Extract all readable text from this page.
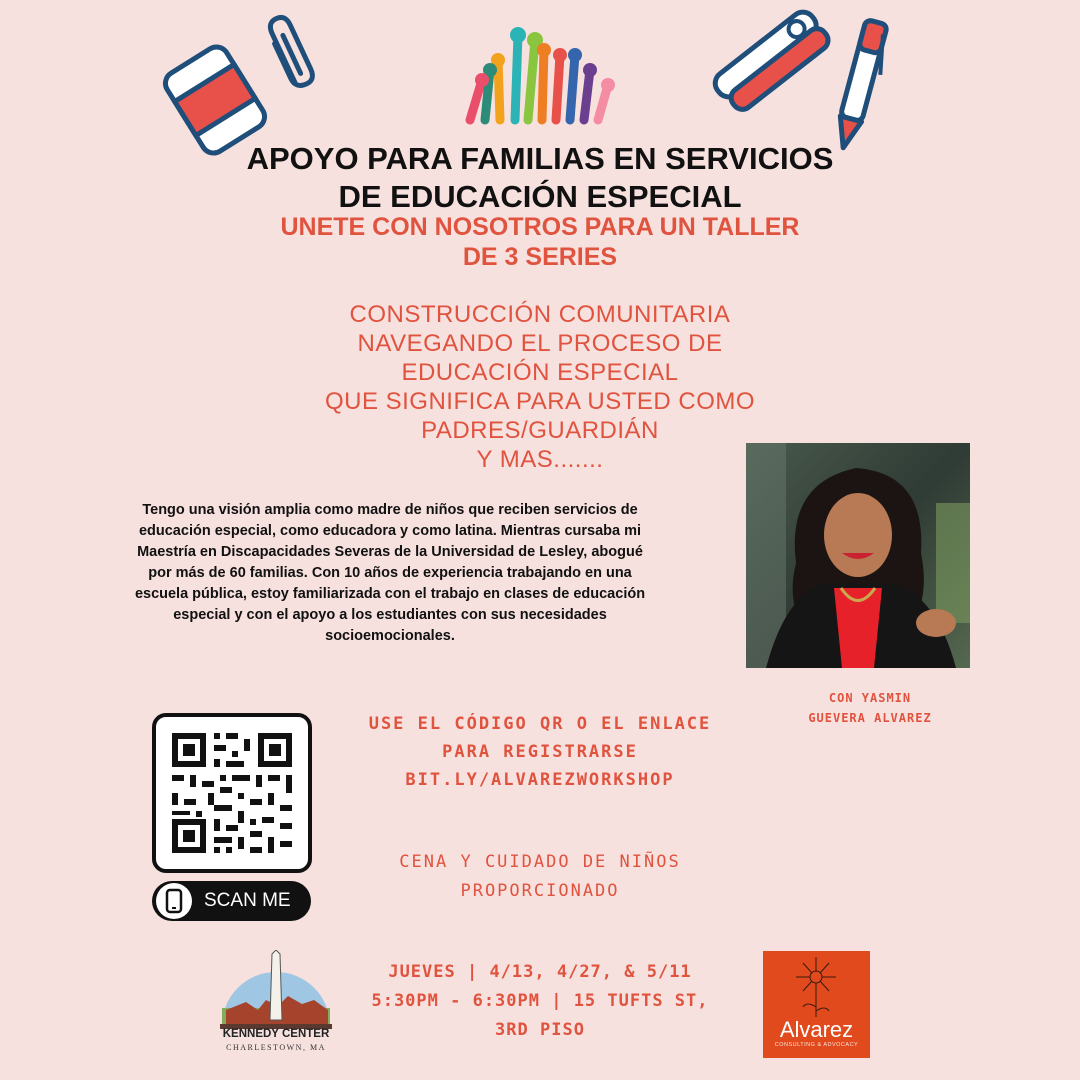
APOYO PARA FAMILIAS EN SERVICIOS
DE EDUCACIÓN ESPECIAL
UNETE CON NOSOTROS PARA UN TALLER
DE 3 SERIES
CONSTRUCCIÓN COMUNITARIA
NAVEGANDO EL PROCESO DE
EDUCACIÓN ESPECIAL
QUE SIGNIFICA PARA USTED COMO
PADRES/GUARDIÁN
Y MAS.......
Tengo una visión amplia como madre de niños que reciben servicios de
educación especial, como educadora y como latina. Mientras cursaba mi
Maestría en Discapacidades Severas de la Universidad de Lesley, abogué
por más de 60 familias. Con 10 años de experiencia trabajando en una
escuela pública, estoy familiarizada con el trabajo en clases de educación
especial y con el apoyo a los estudiantes con sus necesidades
socioemocionales.
CON YASMIN
GUEVERA ALVAREZ
SCAN ME
USE EL CÓDIGO QR O EL ENLACE
PARA REGISTRARSE
BIT.LY/ALVAREZWORKSHOP
CENA Y CUIDADO DE NIÑOS
PROPORCIONADO
JUEVES | 4/13, 4/27, & 5/11
5:30PM - 6:30PM | 15 TUFTS ST,
3RD PISO
KENNEDY CENTER
CHARLESTOWN, MA
Alvarez
CONSULTING & ADVOCACY
